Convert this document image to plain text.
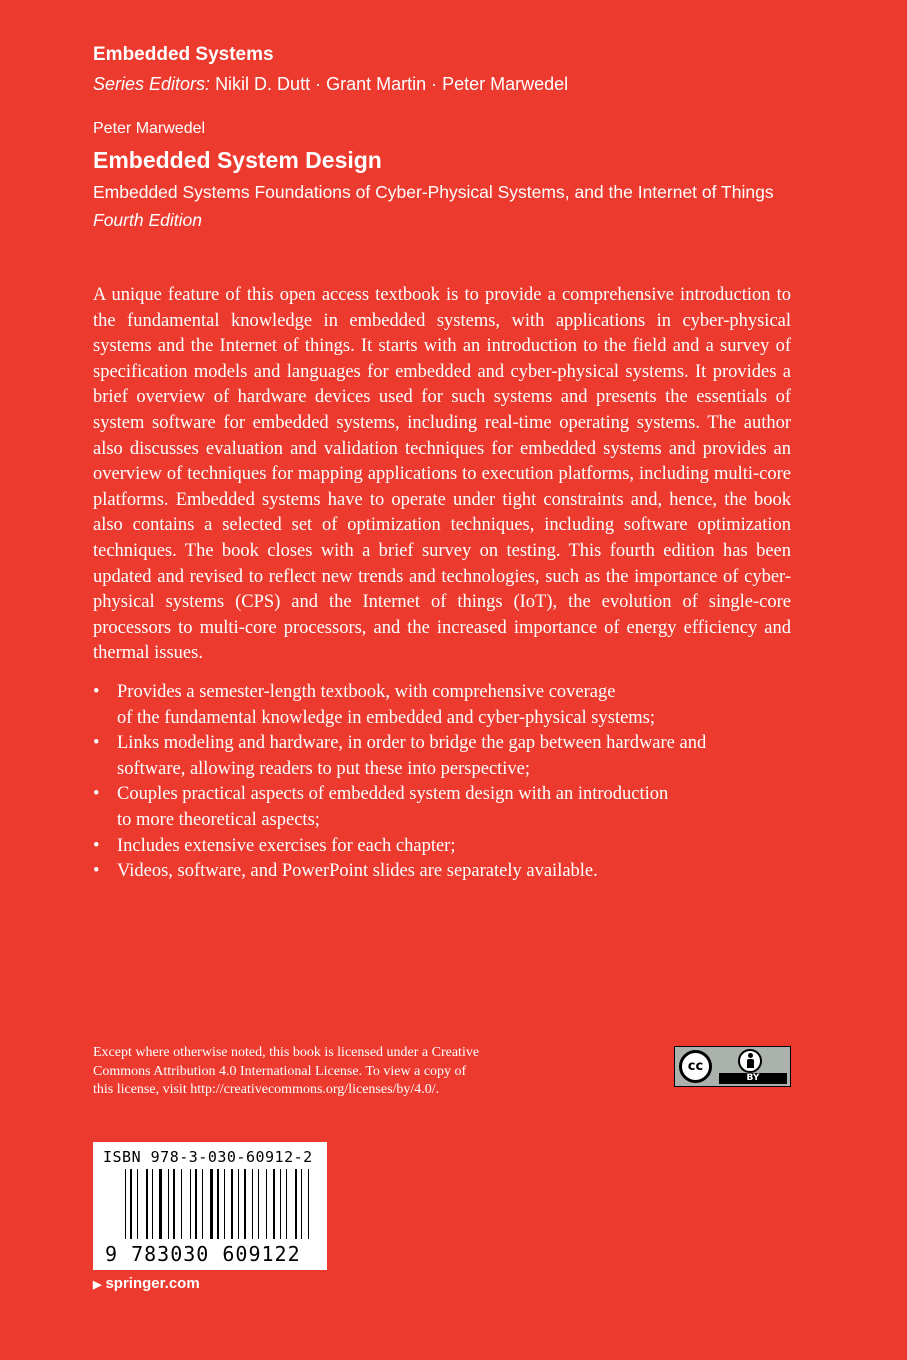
Embedded Systems
Series Editors: Nikil D. Dutt · Grant Martin · Peter Marwedel
Peter Marwedel
Embedded System Design
Embedded Systems Foundations of Cyber-Physical Systems, and the Internet of Things
Fourth Edition

A unique feature of this open access textbook is to provide a comprehensive introduction to the fundamental knowledge in embedded systems, with applications in cyber-physical systems and the Internet of things. It starts with an introduction to the field and a survey of specification models and languages for embedded and cyber-physical systems. It provides a brief overview of hardware devices used for such systems and presents the essentials of system software for embedded systems, including real-time operating systems. The author also discusses evaluation and validation techniques for embedded systems and provides an overview of techniques for mapping applications to execution platforms, including multi-core platforms. Embedded systems have to operate under tight constraints and, hence, the book also contains a selected set of optimization techniques, including software optimization techniques. The book closes with a brief survey on testing. This fourth edition has been updated and revised to reflect new trends and technologies, such as the importance of cyber-physical systems (CPS) and the Internet of things (IoT), the evolution of single-core processors to multi-core processors, and the increased importance of energy efficiency and thermal issues.

• Provides a semester-length textbook, with comprehensive coverage
of the fundamental knowledge in embedded and cyber-physical systems;
• Links modeling and hardware, in order to bridge the gap between hardware and
software, allowing readers to put these into perspective;
• Couples practical aspects of embedded system design with an introduction
to more theoretical aspects;
• Includes extensive exercises for each chapter;
• Videos, software, and PowerPoint slides are separately available.

Except where otherwise noted, this book is licensed under a Creative
Commons Attribution 4.0 International License. To view a copy of
this license, visit http://creativecommons.org/licenses/by/4.0/.

cc
BY
ISBN 978-3-030-60912-2
9 783030 609122
▶ springer.com
